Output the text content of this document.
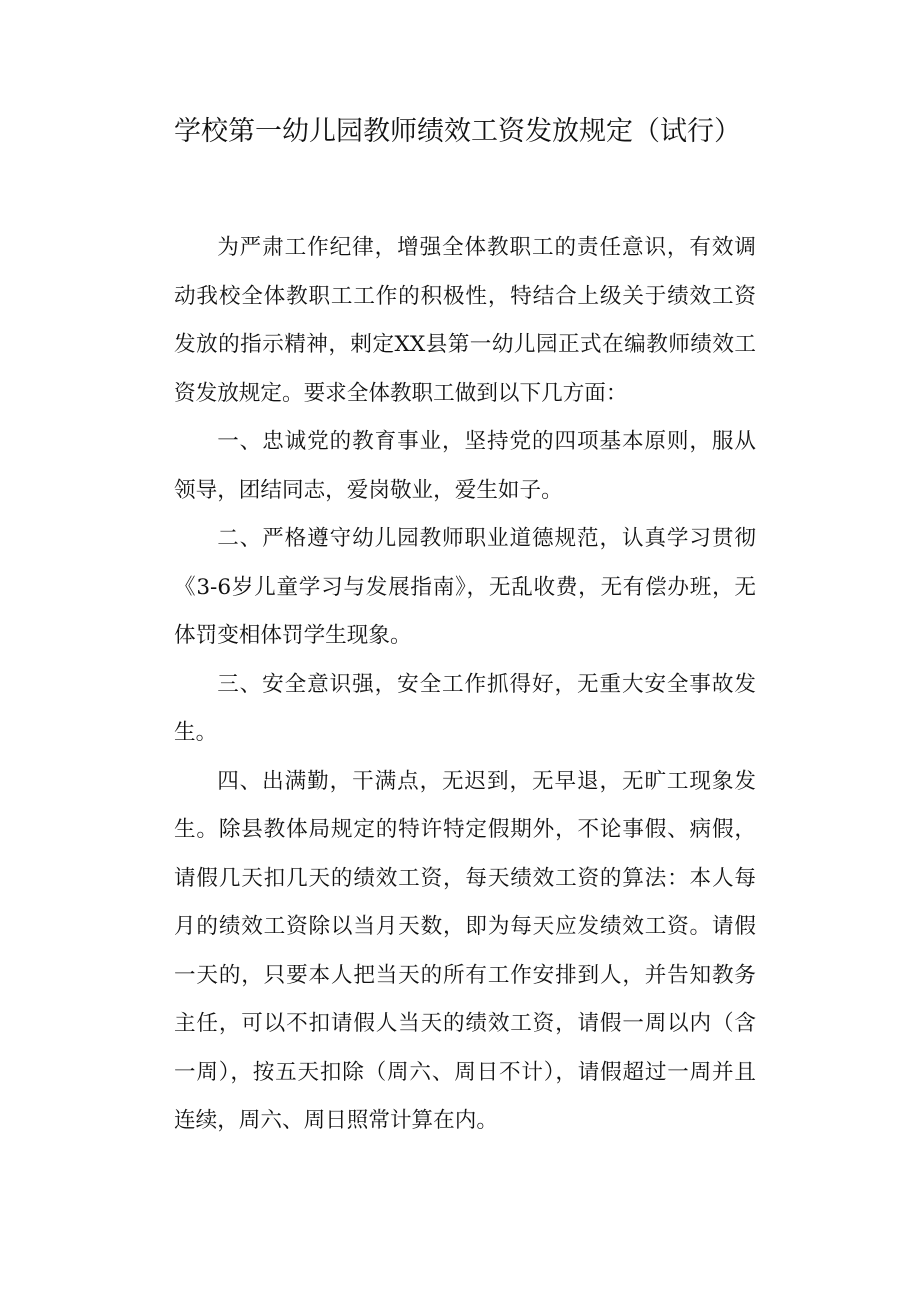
学校第一幼儿园教师绩效工资发放规定（试行）

为严肃工作纪律，增强全体教职工的责任意识，有效调动我校全体教职工工作的积极性，特结合上级关于绩效工资发放的指示精神，剌定XX县第一幼儿园正式在编教师绩效工资发放规定。要求全体教职工做到以下几方面：

一、忠诚党的教育事业，坚持党的四项基本原则，服从领导，团结同志，爱岗敬业，爱生如子。

二、严格遵守幼儿园教师职业道德规范，认真学习贯彻《3-6岁儿童学习与发展指南》，无乱收费，无有偿办班，无体罚变相体罚学生现象。

三、安全意识强，安全工作抓得好，无重大安全事故发生。

四、出满勤，干满点，无迟到，无早退，无旷工现象发生。除县教体局规定的特许特定假期外，不论事假、病假，请假几天扣几天的绩效工资，每天绩效工资的算法：本人每月的绩效工资除以当月天数，即为每天应发绩效工资。请假一天的，只要本人把当天的所有工作安排到人，并告知教务主任，可以不扣请假人当天的绩效工资，请假一周以内（含一周），按五天扣除（周六、周日不计），请假超过一周并且连续，周六、周日照常计算在内。
